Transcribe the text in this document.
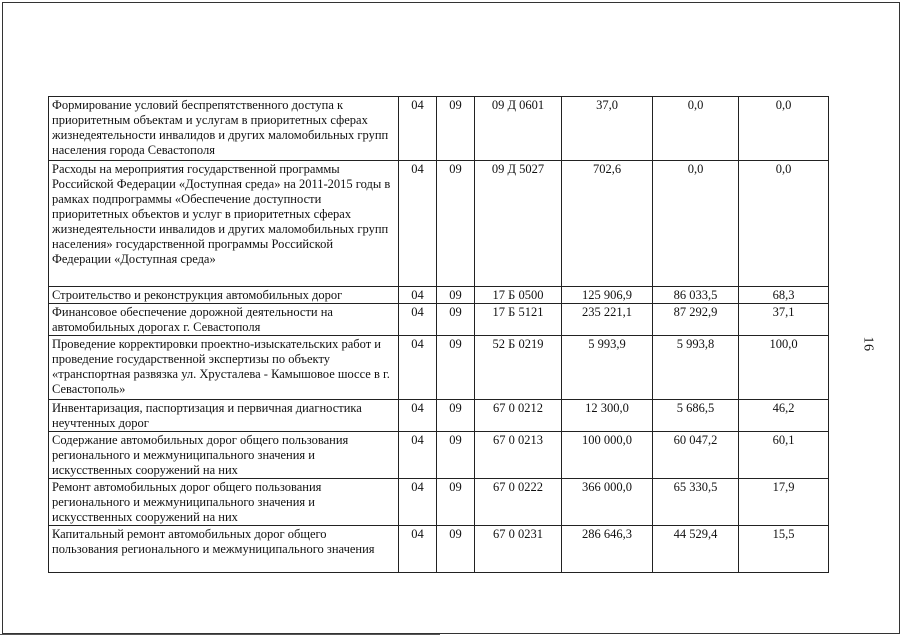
Формирование условий беспрепятственного доступа к приоритетным объектам и услугам в приоритетных сферах жизнедеятельности инвалидов и других маломобильных групп населения города Севастополя	04	09	09 Д 0601	37,0	0,0	0,0
Расходы на мероприятия государственной программы Российской Федерации «Доступная среда» на 2011-2015 годы в рамках подпрограммы «Обеспечение доступности приоритетных объектов и услуг в приоритетных сферах жизнедеятельности инвалидов и других маломобильных групп населения» государственной программы Российской Федерации «Доступная среда»	04	09	09 Д 5027	702,6	0,0	0,0
Строительство и реконструкция автомобильных дорог	04	09	17 Б 0500	125 906,9	86 033,5	68,3
Финансовое обеспечение дорожной деятельности на автомобильных дорогах г. Севастополя	04	09	17 Б 5121	235 221,1	87 292,9	37,1
Проведение корректировки проектно-изыскательских работ и проведение государственной экспертизы по объекту «транспортная развязка ул. Хрусталева - Камышовое шоссе в г. Севастополь»	04	09	52 Б 0219	5 993,9	5 993,8	100,0
Инвентаризация, паспортизация и первичная диагностика неучтенных дорог	04	09	67 0 0212	12 300,0	5 686,5	46,2
Содержание автомобильных дорог общего пользования регионального и межмуниципального значения и искусственных сооружений на них	04	09	67 0 0213	100 000,0	60 047,2	60,1
Ремонт автомобильных дорог общего пользования регионального и межмуниципального значения и искусственных сооружений на них	04	09	67 0 0222	366 000,0	65 330,5	17,9
Капитальный ремонт автомобильных дорог общего пользования регионального и межмуниципального значения	04	09	67 0 0231	286 646,3	44 529,4	15,5
16
